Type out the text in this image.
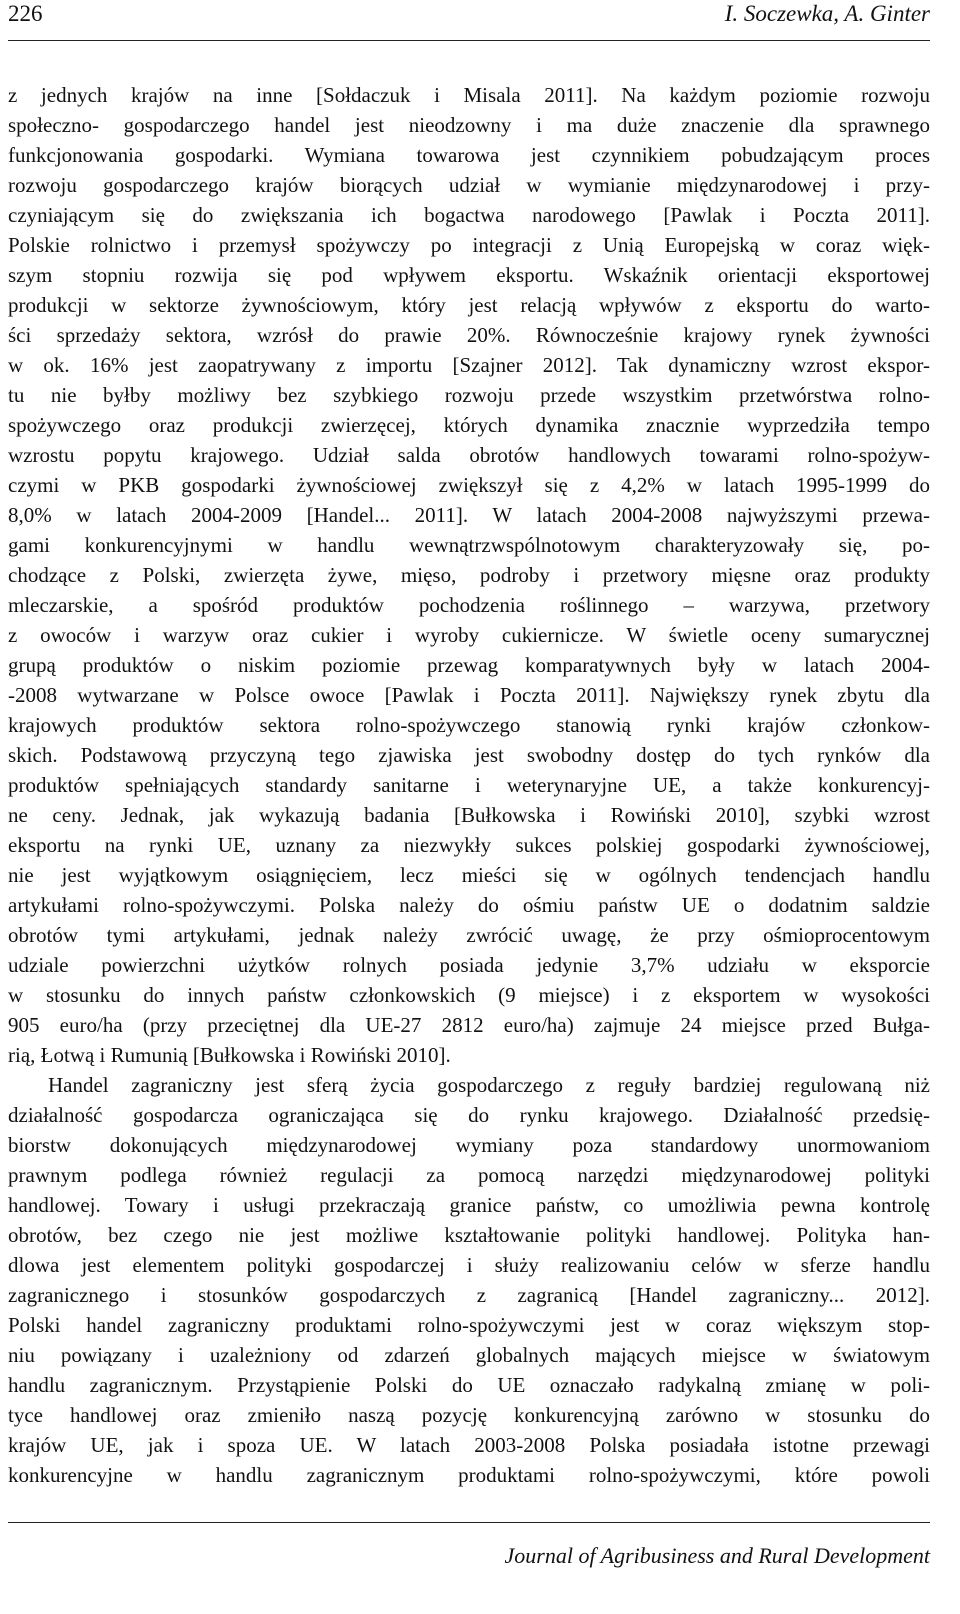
226	I. Soczewka, A. Ginter
z jednych krajów na inne [Sołdaczuk i Misala 2011]. Na każdym poziomie rozwoju
społeczno- gospodarczego handel jest nieodzowny i ma duże znaczenie dla sprawnego
funkcjonowania gospodarki. Wymiana towarowa jest czynnikiem pobudzającym proces
rozwoju gospodarczego krajów biorących udział w wymianie międzynarodowej i przy-
czyniającym się do zwiększania ich bogactwa narodowego [Pawlak i Poczta 2011].
Polskie rolnictwo i przemysł spożywczy po integracji z Unią Europejską w coraz więk-
szym stopniu rozwija się pod wpływem eksportu. Wskaźnik orientacji eksportowej
produkcji w sektorze żywnościowym, który jest relacją wpływów z eksportu do warto-
ści sprzedaży sektora, wzrósł do prawie 20%. Równocześnie krajowy rynek żywności
w ok. 16% jest zaopatrywany z importu [Szajner 2012]. Tak dynamiczny wzrost ekspor-
tu nie byłby możliwy bez szybkiego rozwoju przede wszystkim przetwórstwa rolno-
spożywczego oraz produkcji zwierzęcej, których dynamika znacznie wyprzedziła tempo
wzrostu popytu krajowego. Udział salda obrotów handlowych towarami rolno-spożyw-
czymi w PKB gospodarki żywnościowej zwiększył się z 4,2% w latach 1995-1999 do
8,0% w latach 2004-2009 [Handel... 2011]. W latach 2004-2008 najwyższymi przewa-
gami konkurencyjnymi w handlu wewnątrzwspólnotowym charakteryzowały się, po-
chodzące z Polski, zwierzęta żywe, mięso, podroby i przetwory mięsne oraz produkty
mleczarskie, a spośród produktów pochodzenia roślinnego – warzywa, przetwory
z owoców i warzyw oraz cukier i wyroby cukiernicze. W świetle oceny sumarycznej
grupą produktów o niskim poziomie przewag komparatywnych były w latach 2004-
-2008 wytwarzane w Polsce owoce [Pawlak i Poczta 2011]. Największy rynek zbytu dla
krajowych produktów sektora rolno-spożywczego stanowią rynki krajów członkow-
skich. Podstawową przyczyną tego zjawiska jest swobodny dostęp do tych rynków dla
produktów spełniających standardy sanitarne i weterynaryjne UE, a także konkurencyj-
ne ceny. Jednak, jak wykazują badania [Bułkowska i Rowiński 2010], szybki wzrost
eksportu na rynki UE, uznany za niezwykły sukces polskiej gospodarki żywnościowej,
nie jest wyjątkowym osiągnięciem, lecz mieści się w ogólnych tendencjach handlu
artykułami rolno-spożywczymi. Polska należy do ośmiu państw UE o dodatnim saldzie
obrotów tymi artykułami, jednak należy zwrócić uwagę, że przy ośmioprocentowym
udziale powierzchni użytków rolnych posiada jedynie 3,7% udziału w eksporcie
w stosunku do innych państw członkowskich (9 miejsce) i z eksportem w wysokości
905 euro/ha (przy przeciętnej dla UE-27 2812 euro/ha) zajmuje 24 miejsce przed Bułga-
rią, Łotwą i Rumunią [Bułkowska i Rowiński 2010].
Handel zagraniczny jest sferą życia gospodarczego z reguły bardziej regulowaną niż
działalność gospodarcza ograniczająca się do rynku krajowego. Działalność przedsię-
biorstw dokonujących międzynarodowej wymiany poza standardowy unormowaniom
prawnym podlega również regulacji za pomocą narzędzi międzynarodowej polityki
handlowej. Towary i usługi przekraczają granice państw, co umożliwia pewna kontrolę
obrotów, bez czego nie jest możliwe kształtowanie polityki handlowej. Polityka han-
dlowa jest elementem polityki gospodarczej i służy realizowaniu celów w sferze handlu
zagranicznego i stosunków gospodarczych z zagranicą [Handel zagraniczny... 2012].
Polski handel zagraniczny produktami rolno-spożywczymi jest w coraz większym stop-
niu powiązany i uzależniony od zdarzeń globalnych mających miejsce w światowym
handlu zagranicznym. Przystąpienie Polski do UE oznaczało radykalną zmianę w poli-
tyce handlowej oraz zmieniło naszą pozycję konkurencyjną zarówno w stosunku do
krajów UE, jak i spoza UE. W latach 2003-2008 Polska posiadała istotne przewagi
konkurencyjne w handlu zagranicznym produktami rolno-spożywczymi, które powoli
Journal of Agribusiness and Rural Development
